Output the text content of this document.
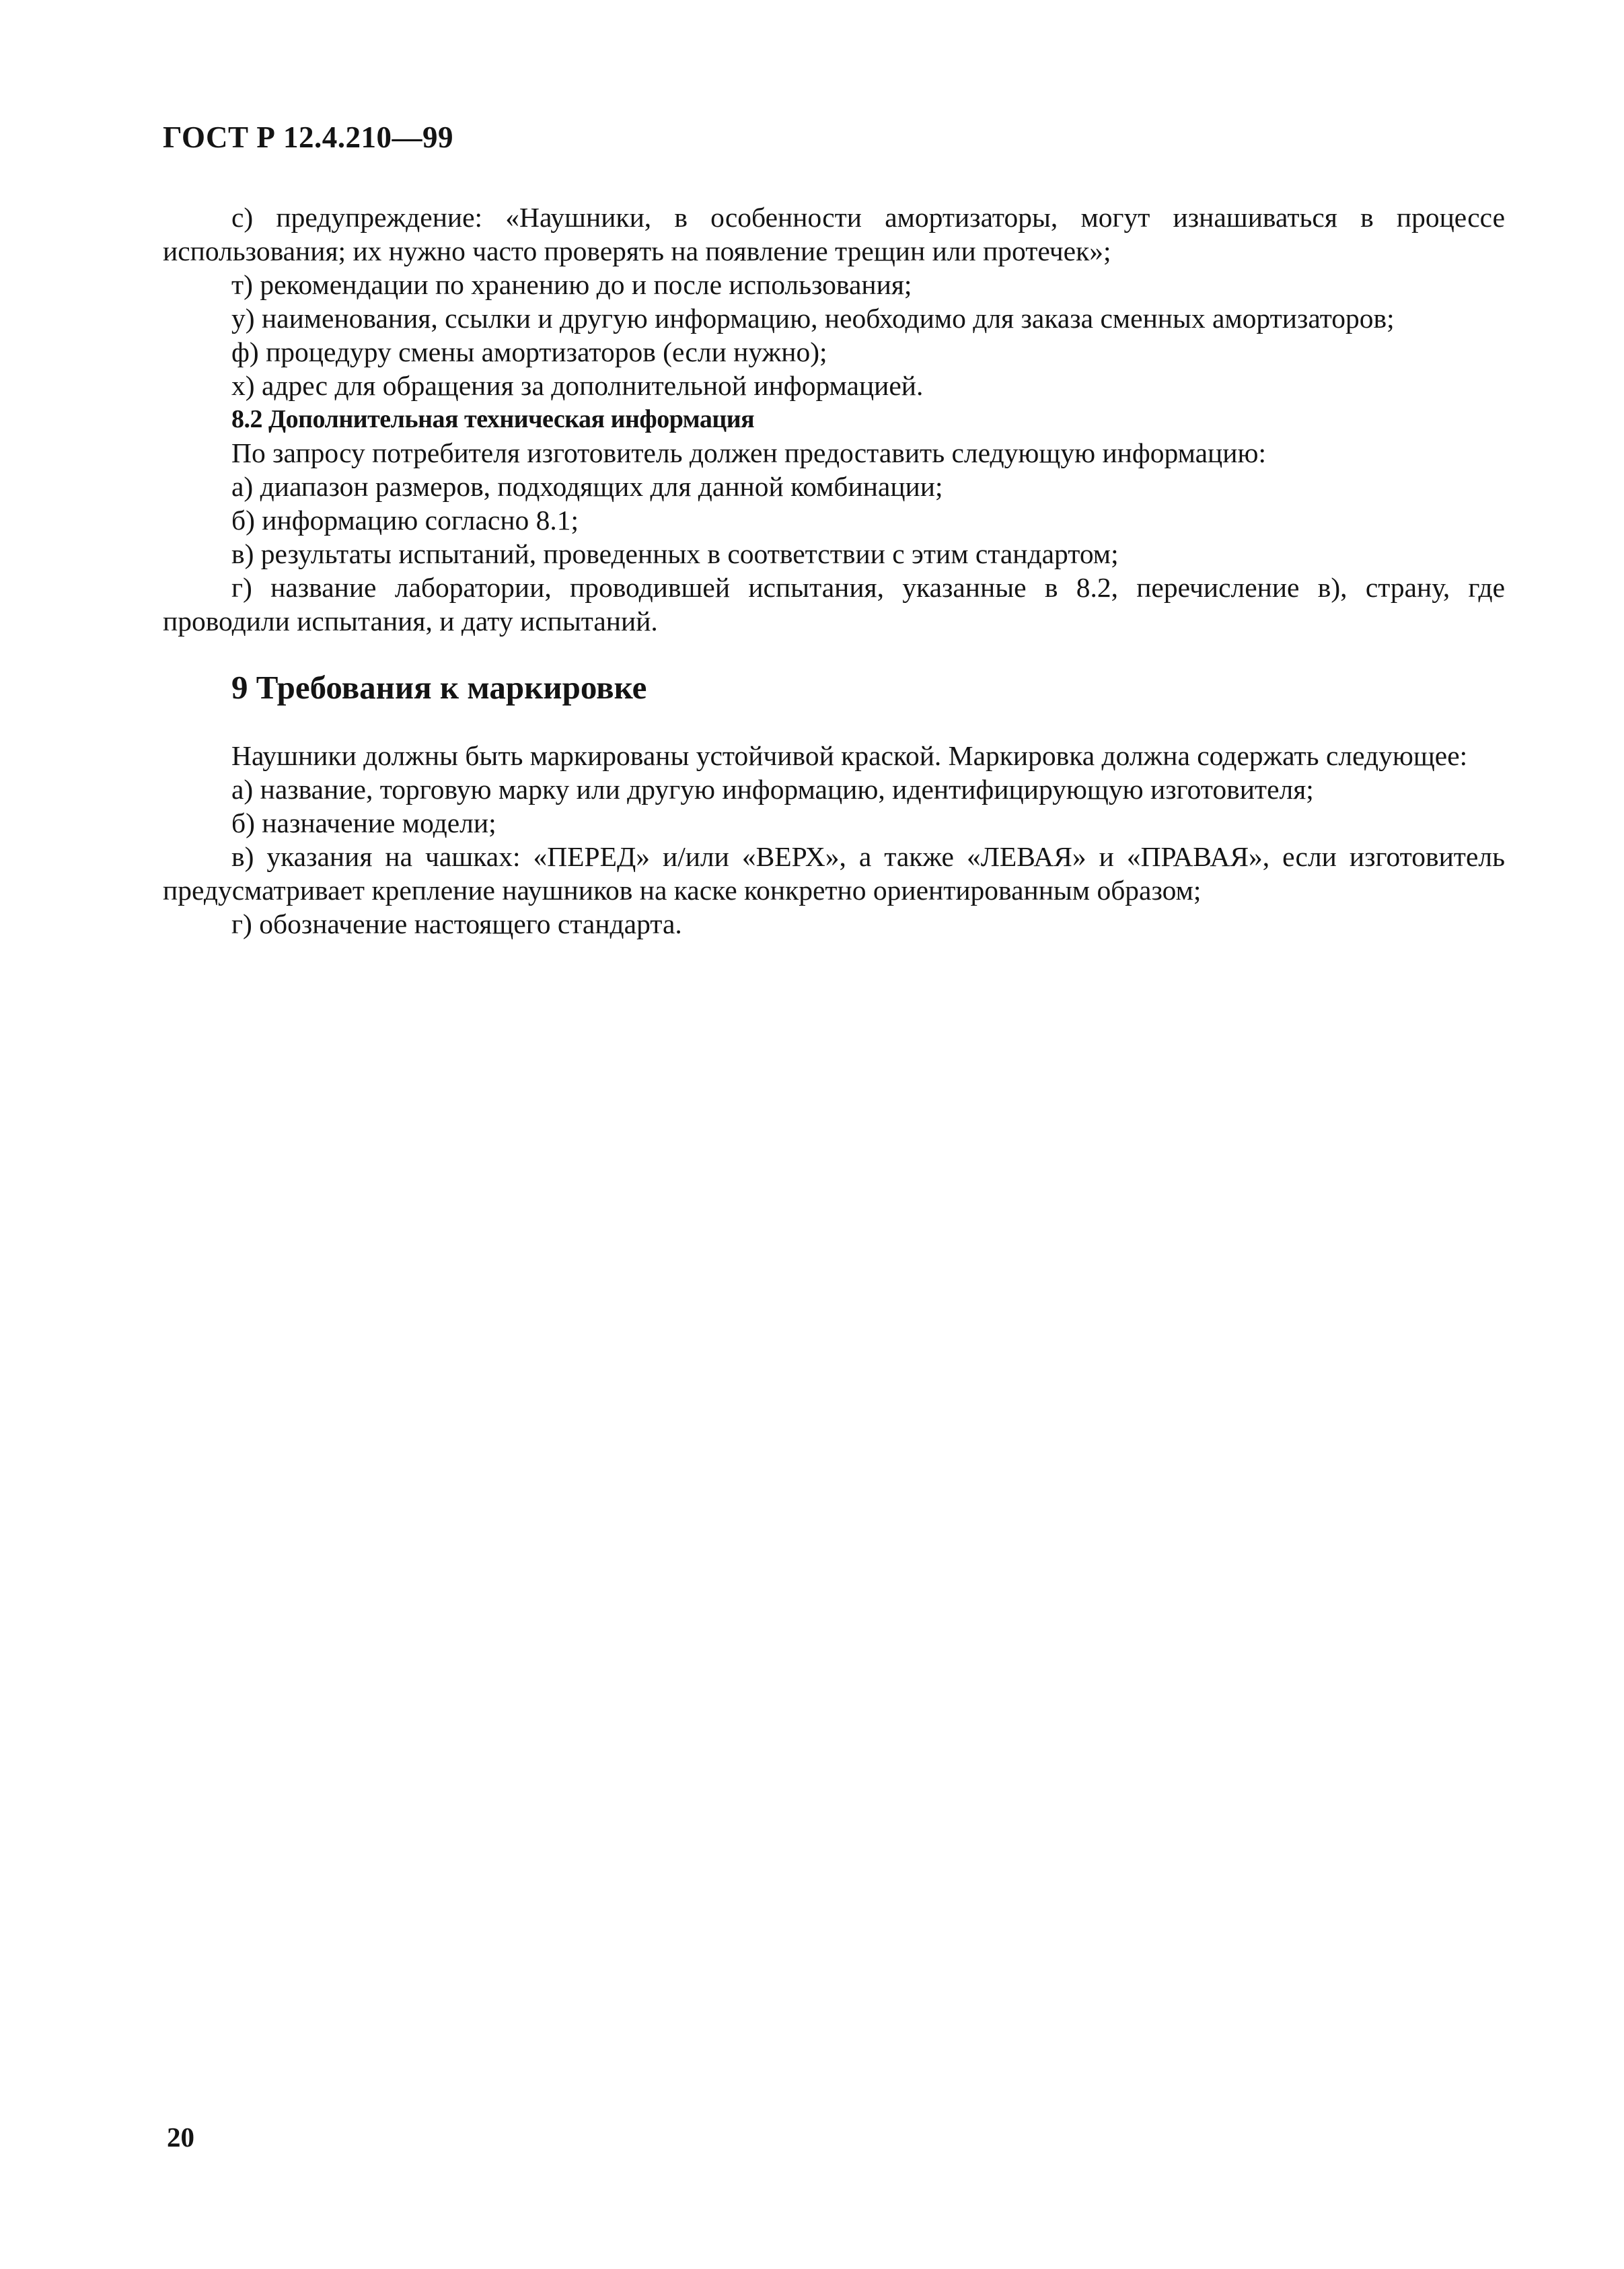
ГОСТ Р 12.4.210—99

с) предупреждение: «Наушники, в особенности амортизаторы, могут изнашиваться в процессе использования; их нужно часто проверять на появление трещин или протечек»;

т) рекомендации по хранению до и после использования;

у) наименования, ссылки и другую информацию, необходимо для заказа сменных амортизаторов;

ф) процедуру смены амортизаторов (если нужно);

х) адрес для обращения за дополнительной информацией.

8.2 Дополнительная техническая информация

По запросу потребителя изготовитель должен предоставить следующую информацию:

а) диапазон размеров, подходящих для данной комбинации;

б) информацию согласно 8.1;

в) результаты испытаний, проведенных в соответствии с этим стандартом;

г) название лаборатории, проводившей испытания, указанные в 8.2, перечисление в), страну, где проводили испытания, и дату испытаний.

9 Требования к маркировке

Наушники должны быть маркированы устойчивой краской. Маркировка должна содержать следующее:

а) название, торговую марку или другую информацию, идентифицирующую изготовителя;

б) назначение модели;

в) указания на чашках: «ПЕРЕД» и/или «ВЕРХ», а также «ЛЕВАЯ» и «ПРАВАЯ», если изготовитель предусматривает крепление наушников на каске конкретно ориентированным образом;

г) обозначение настоящего стандарта.

20
